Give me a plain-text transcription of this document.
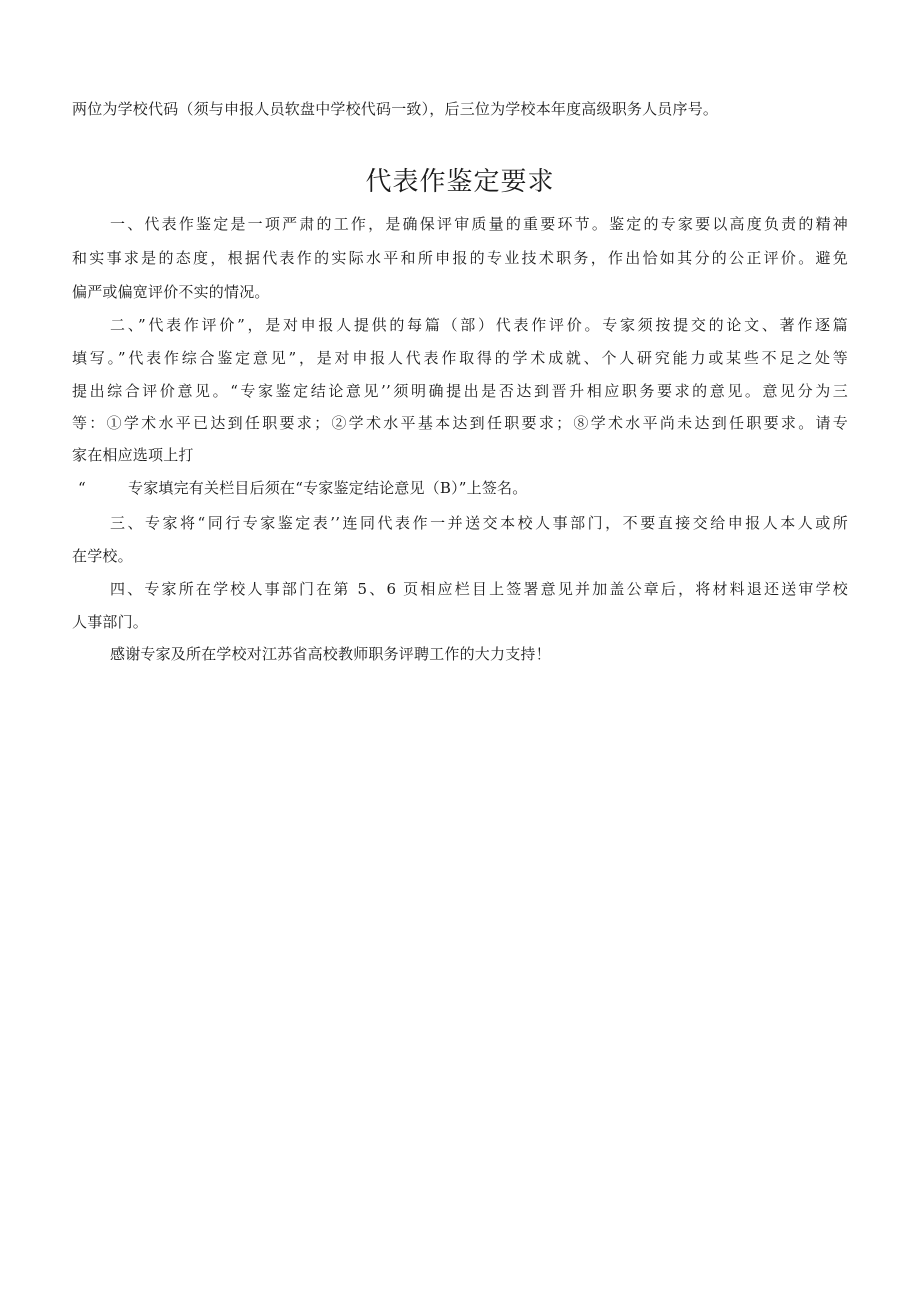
两位为学校代码（须与申报人员软盘中学校代码一致），后三位为学校本年度高级职务人员序号。
代表作鉴定要求
一、代表作鉴定是一项严肃的工作，是确保评审质量的重要环节。鉴定的专家要以高度负责的精神
和实事求是的态度，根据代表作的实际水平和所申报的专业技术职务，作出恰如其分的公正评价。避免
偏严或偏宽评价不实的情况。
二、”代表作评价”，是对申报人提供的每篇（部）代表作评价。专家须按提交的论文、著作逐篇
填写。”代表作综合鉴定意见”，是对申报人代表作取得的学术成就、个人研究能力或某些不足之处等
提出综合评价意见。“专家鉴定结论意见’’须明确提出是否达到晋升相应职务要求的意见。意见分为三
等：①学术水平已达到任职要求；②学术水平基本达到任职要求；⑧学术水平尚未达到任职要求。请专
家在相应选项上打
“	专家填完有关栏目后须在“专家鉴定结论意见（B）”上签名。
三、专家将“同行专家鉴定表’’连同代表作一并送交本校人事部门，不要直接交给申报人本人或所
在学校。
四、专家所在学校人事部门在第 5、6 页相应栏目上签署意见并加盖公章后，将材料退还送审学校
人事部门。
感谢专家及所在学校对江苏省高校教师职务评聘工作的大力支持！
